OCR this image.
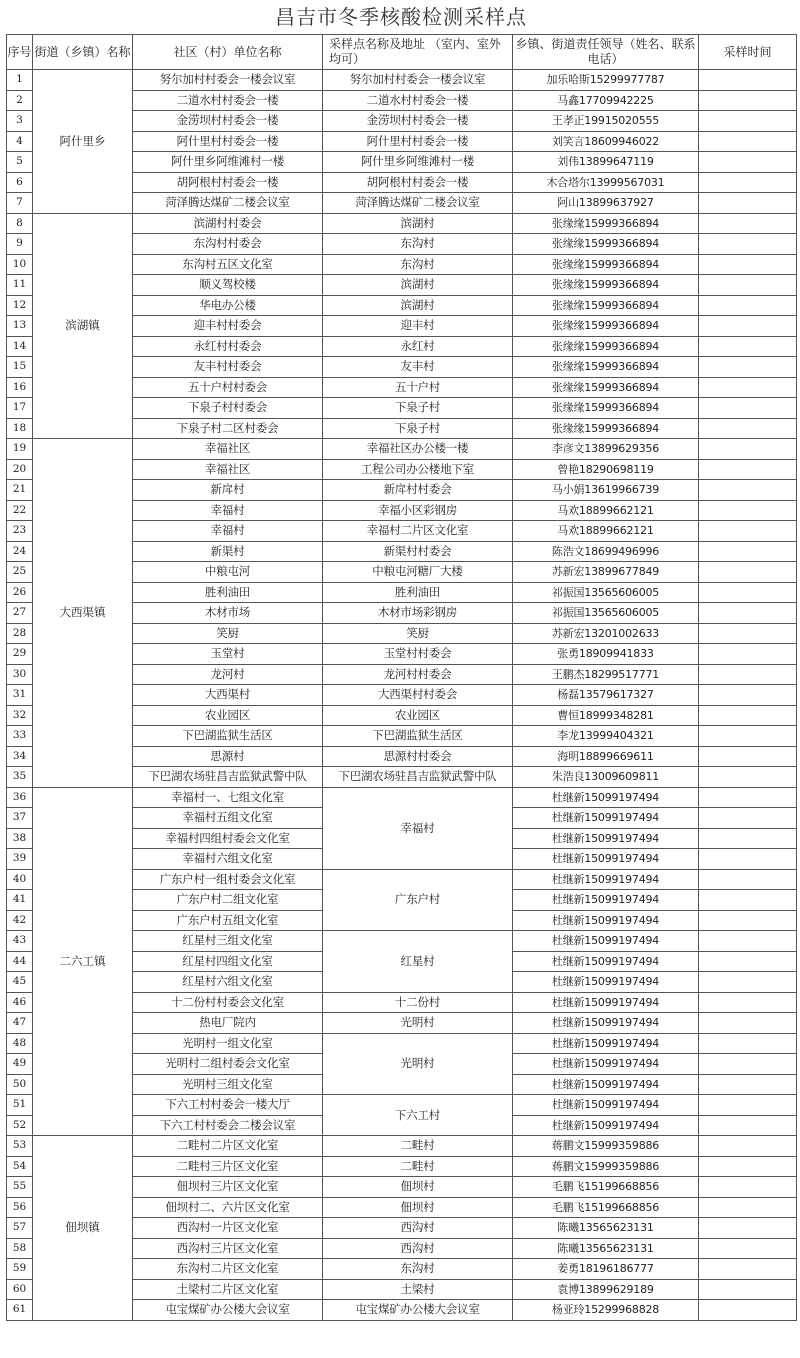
昌吉市冬季核酸检测采样点
序号	街道（乡镇）名称	社区（村）单位名称	采样点名称及地址 （室内、室外均可）	乡镇、街道责任领导（姓名、联系电话）	采样时间
1	阿什里乡	努尔加村村委会一楼会议室	努尔加村村委会一楼会议室	加乐哈斯15299977787	
2		二道水村村委会一楼	二道水村村委会一楼	马鑫17709942225	
3		金涝坝村村委会一楼	金涝坝村村委会一楼	王孝正19915020555	
4		阿什里村村委会一楼	阿什里村村委会一楼	刘笑言18609946022	
5		阿什里乡阿维滩村一楼	阿什里乡阿维滩村一楼	刘伟13899647119	
6		胡阿根村村委会一楼	胡阿根村村委会一楼	木合塔尔13999567031	
7		菏泽腾达煤矿二楼会议室	菏泽腾达煤矿二楼会议室	阿山13899637927	
8	滨湖镇	滨湖村村委会	滨湖村	张缘缘15999366894	
9		东沟村村委会	东沟村	张缘缘15999366894	
10		东沟村五区文化室	东沟村	张缘缘15999366894	
11		顺义驾校楼	滨湖村	张缘缘15999366894	
12		华电办公楼	滨湖村	张缘缘15999366894	
13		迎丰村村委会	迎丰村	张缘缘15999366894	
14		永红村村委会	永红村	张缘缘15999366894	
15		友丰村村委会	友丰村	张缘缘15999366894	
16		五十户村村委会	五十户村	张缘缘15999366894	
17		下泉子村村委会	下泉子村	张缘缘15999366894	
18		下泉子村二区村委会	下泉子村	张缘缘15999366894	
19	大西渠镇	幸福社区	幸福社区办公楼一楼	李彦文13899629356	
20		幸福社区	工程公司办公楼地下室	曾艳18290698119	
21		新戽村	新戽村村委会	马小娟13619966739	
22		幸福村	幸福小区彩钢房	马欢18899662121	
23		幸福村	幸福村二片区文化室	马欢18899662121	
24		新渠村	新渠村村委会	陈浩文18699496996	
25		中粮屯河	中粮屯河糖厂大楼	苏新宏13899677849	
26		胜利油田	胜利油田	祁振国13565606005	
27		木材市场	木材市场彩钢房	祁振国13565606005	
28		笑厨	笑厨	苏新宏13201002633	
29		玉堂村	玉堂村村委会	张勇18909941833	
30		龙河村	龙河村村委会	王鹏杰18299517771	
31		大西渠村	大西渠村村委会	杨磊13579617327	
32		农业园区	农业园区	曹恒18999348281	
33		下巴湖监狱生活区	下巴湖监狱生活区	李龙13999404321	
34		思源村	思源村村委会	海明18899669611	
35		下巴湖农场驻昌吉监狱武警中队	下巴湖农场驻昌吉监狱武警中队	朱浩良13009609811	
36	二六工镇	幸福村一、七组文化室	幸福村	杜继新15099197494	
37		幸福村五组文化室		杜继新15099197494	
38		幸福村四组村委会文化室		杜继新15099197494	
39		幸福村六组文化室		杜继新15099197494	
40		广东户村一组村委会文化室	广东户村	杜继新15099197494	
41		广东户村二组文化室		杜继新15099197494	
42		广东户村五组文化室		杜继新15099197494	
43		红星村三组文化室	红星村	杜继新15099197494	
44		红星村四组文化室		杜继新15099197494	
45		红星村六组文化室		杜继新15099197494	
46		十二份村村委会文化室	十二份村	杜继新15099197494	
47		热电厂院内	光明村	杜继新15099197494	
48		光明村一组文化室	光明村	杜继新15099197494	
49		光明村二组村委会文化室		杜继新15099197494	
50		光明村三组文化室		杜继新15099197494	
51		下六工村村委会一楼大厅	下六工村	杜继新15099197494	
52		下六工村村委会二楼会议室		杜继新15099197494	
53	佃坝镇	二畦村二片区文化室	二畦村	蒋鹏文15999359886	
54		二畦村三片区文化室	二畦村	蒋鹏文15999359886	
55		佃坝村三片区文化室	佃坝村	毛鹏飞15199668856	
56		佃坝村二、六片区文化室	佃坝村	毛鹏飞15199668856	
57		西沟村一片区文化室	西沟村	陈曦13565623131	
58		西沟村三片区文化室	西沟村	陈曦13565623131	
59		东沟村二片区文化室	东沟村	姜勇18196186777	
60		土梁村二片区文化室	土梁村	袁博13899629189	
61		屯宝煤矿办公楼大会议室	屯宝煤矿办公楼大会议室	杨亚玲15299968828	
